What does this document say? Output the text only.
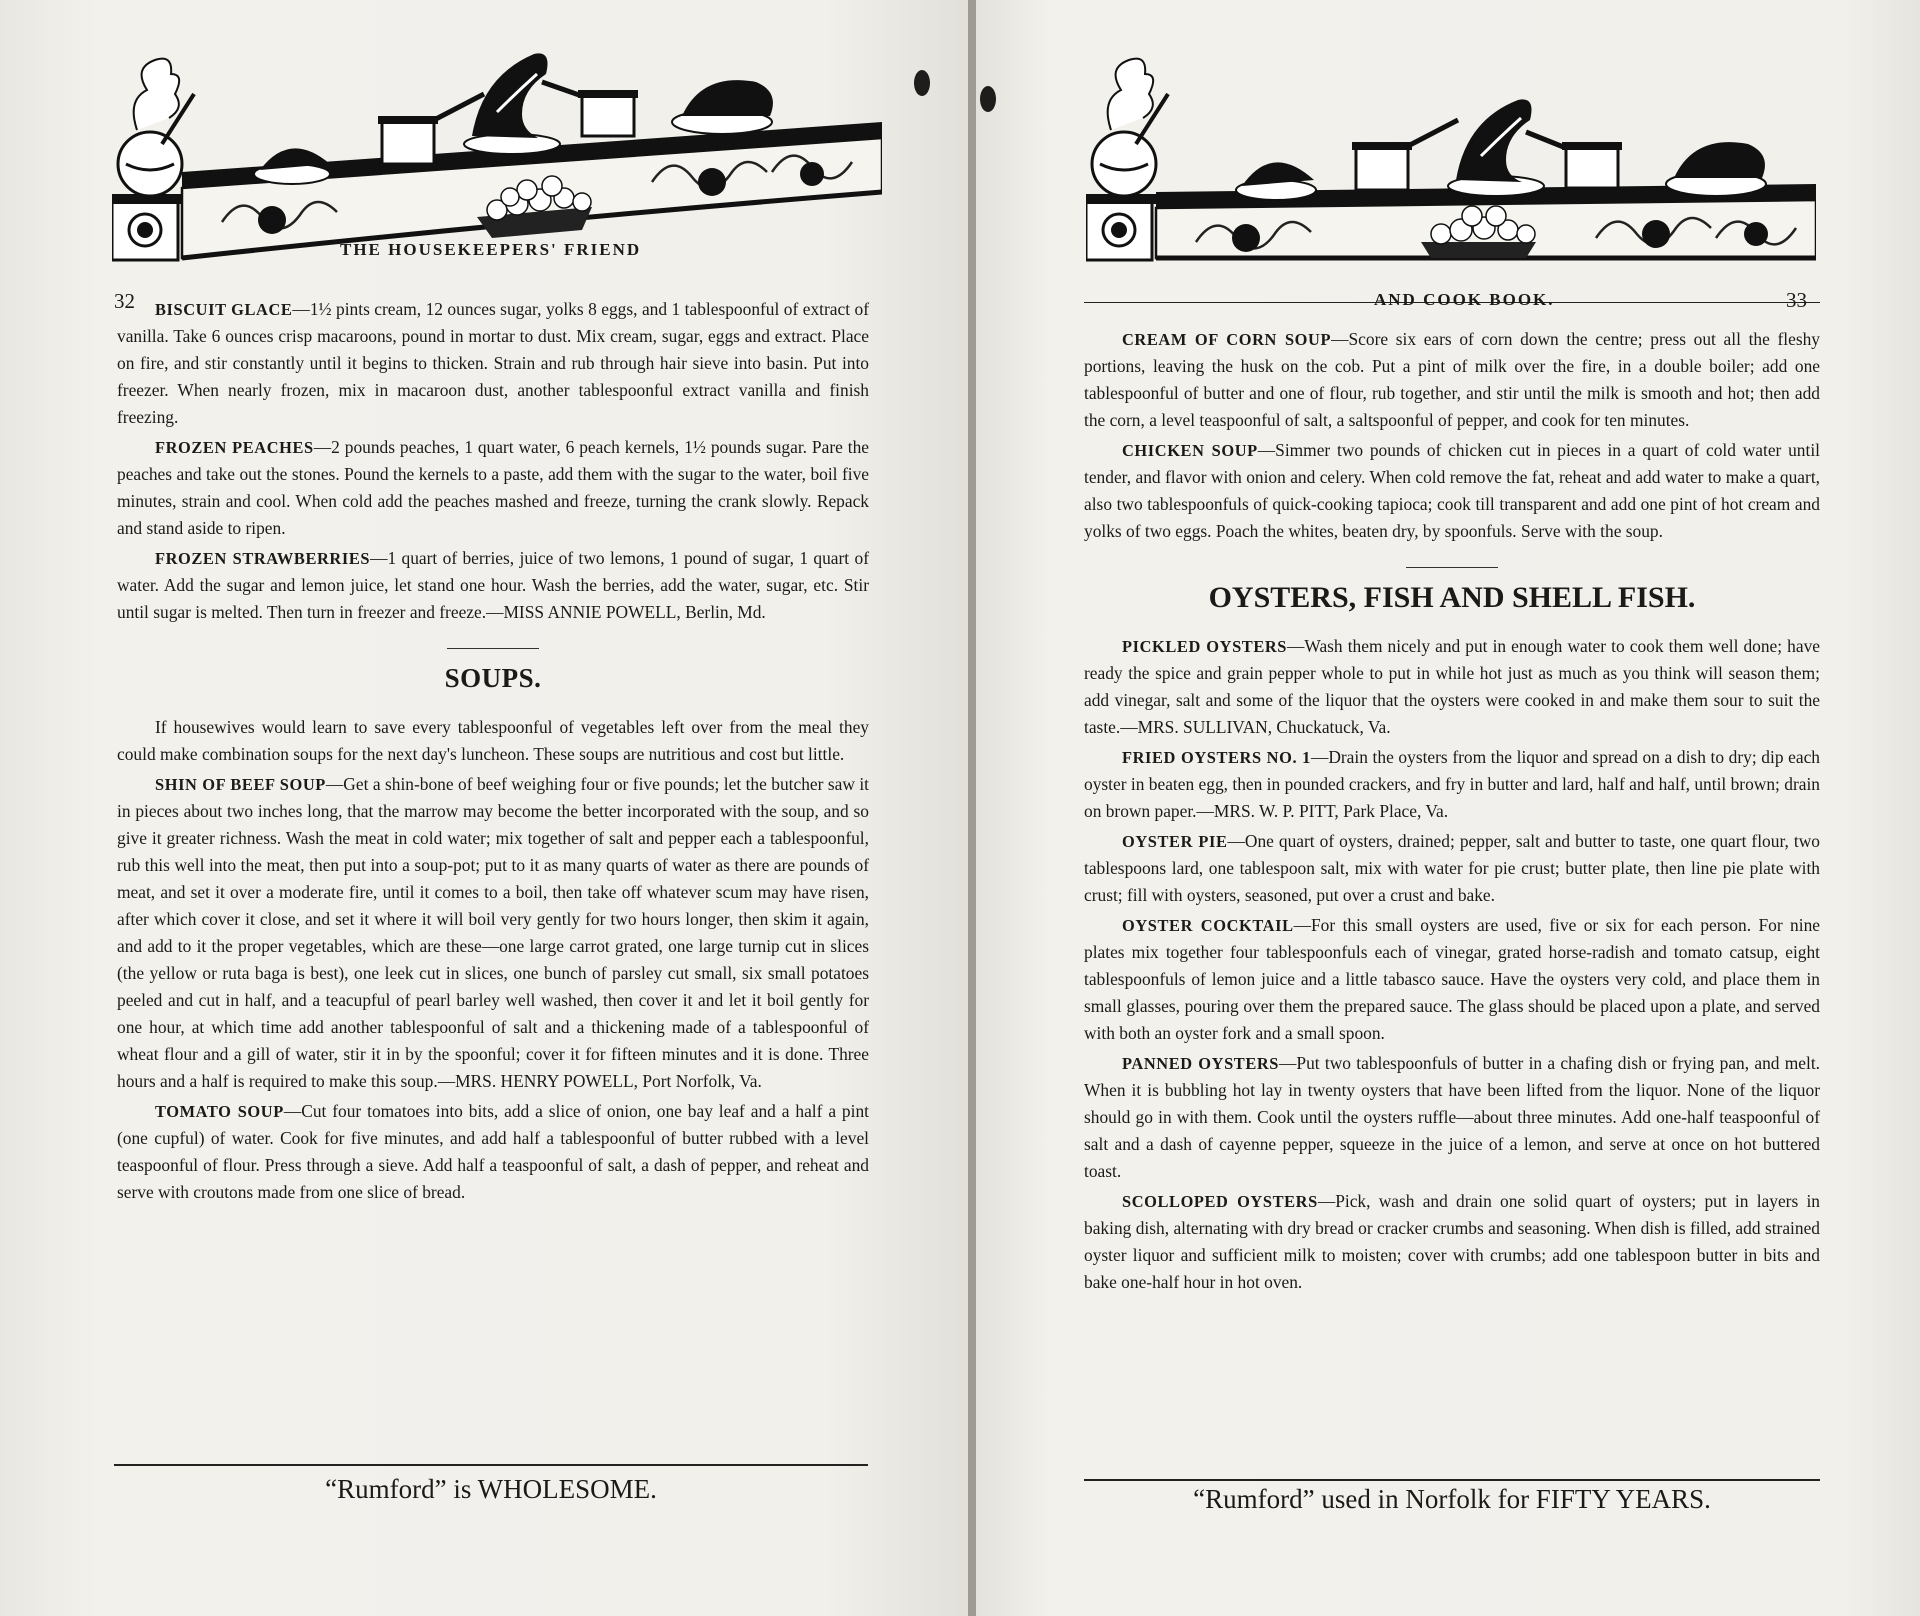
THE HOUSEKEEPERS' FRIEND
32	BISCUIT GLACE—1½ pints cream, 12 ounces sugar, yolks 8 eggs, and 1 tablespoonful of extract of vanilla. Take 6 ounces crisp macaroons, pound in mortar to dust. Mix cream, sugar, eggs and extract. Place on fire, and stir constantly until it begins to thicken. Strain and rub through hair sieve into basin. Put into freezer. When nearly frozen, mix in macaroon dust, another tablespoonful extract vanilla and finish freezing.

FROZEN PEACHES—2 pounds peaches, 1 quart water, 6 peach kernels, 1½ pounds sugar. Pare the peaches and take out the stones. Pound the kernels to a paste, add them with the sugar to the water, boil five minutes, strain and cool. When cold add the peaches mashed and freeze, turning the crank slowly. Repack and stand aside to ripen.

FROZEN STRAWBERRIES—1 quart of berries, juice of two lemons, 1 pound of sugar, 1 quart of water. Add the sugar and lemon juice, let stand one hour. Wash the berries, add the water, sugar, etc. Stir until sugar is melted. Then turn in freezer and freeze.—MISS ANNIE POWELL, Berlin, Md.

SOUPS.

If housewives would learn to save every tablespoonful of vegetables left over from the meal they could make combination soups for the next day's luncheon. These soups are nutritious and cost but little.

SHIN OF BEEF SOUP—Get a shin-bone of beef weighing four or five pounds; let the butcher saw it in pieces about two inches long, that the marrow may become the better incorporated with the soup, and so give it greater richness. Wash the meat in cold water; mix together of salt and pepper each a tablespoonful, rub this well into the meat, then put into a soup-pot; put to it as many quarts of water as there are pounds of meat, and set it over a moderate fire, until it comes to a boil, then take off whatever scum may have risen, after which cover it close, and set it where it will boil very gently for two hours longer, then skim it again, and add to it the proper vegetables, which are these—one large carrot grated, one large turnip cut in slices (the yellow or ruta baga is best), one leek cut in slices, one bunch of parsley cut small, six small potatoes peeled and cut in half, and a teacupful of pearl barley well washed, then cover it and let it boil gently for one hour, at which time add another tablespoonful of salt and a thickening made of a tablespoonful of wheat flour and a gill of water, stir it in by the spoonful; cover it for fifteen minutes and it is done. Three hours and a half is required to make this soup.—MRS. HENRY POWELL, Port Norfolk, Va.

TOMATO SOUP—Cut four tomatoes into bits, add a slice of onion, one bay leaf and a half a pint (one cupful) of water. Cook for five minutes, and add half a tablespoonful of butter rubbed with a level teaspoonful of flour. Press through a sieve. Add half a teaspoonful of salt, a dash of pepper, and reheat and serve with croutons made from one slice of bread.

“Rumford” is WHOLESOME.
AND COOK BOOK.	33

CREAM OF CORN SOUP—Score six ears of corn down the centre; press out all the fleshy portions, leaving the husk on the cob. Put a pint of milk over the fire, in a double boiler; add one tablespoonful of butter and one of flour, rub together, and stir until the milk is smooth and hot; then add the corn, a level teaspoonful of salt, a saltspoonful of pepper, and cook for ten minutes.

CHICKEN SOUP—Simmer two pounds of chicken cut in pieces in a quart of cold water until tender, and flavor with onion and celery. When cold remove the fat, reheat and add water to make a quart, also two tablespoonfuls of quick-cooking tapioca; cook till transparent and add one pint of hot cream and yolks of two eggs. Poach the whites, beaten dry, by spoonfuls. Serve with the soup.

OYSTERS, FISH AND SHELL FISH.

PICKLED OYSTERS—Wash them nicely and put in enough water to cook them well done; have ready the spice and grain pepper whole to put in while hot just as much as you think will season them; add vinegar, salt and some of the liquor that the oysters were cooked in and make them sour to suit the taste.—MRS. SULLIVAN, Chuckatuck, Va.

FRIED OYSTERS NO. 1—Drain the oysters from the liquor and spread on a dish to dry; dip each oyster in beaten egg, then in pounded crackers, and fry in butter and lard, half and half, until brown; drain on brown paper.—MRS. W. P. PITT, Park Place, Va.

OYSTER PIE—One quart of oysters, drained; pepper, salt and butter to taste, one quart flour, two tablespoons lard, one tablespoon salt, mix with water for pie crust; butter plate, then line pie plate with crust; fill with oysters, seasoned, put over a crust and bake.

OYSTER COCKTAIL—For this small oysters are used, five or six for each person. For nine plates mix together four tablespoonfuls each of vinegar, grated horse-radish and tomato catsup, eight tablespoonfuls of lemon juice and a little tabasco sauce. Have the oysters very cold, and place them in small glasses, pouring over them the prepared sauce. The glass should be placed upon a plate, and served with both an oyster fork and a small spoon.

PANNED OYSTERS—Put two tablespoonfuls of butter in a chafing dish or frying pan, and melt. When it is bubbling hot lay in twenty oysters that have been lifted from the liquor. None of the liquor should go in with them. Cook until the oysters ruffle—about three minutes. Add one-half teaspoonful of salt and a dash of cayenne pepper, squeeze in the juice of a lemon, and serve at once on hot buttered toast.

SCOLLOPED OYSTERS—Pick, wash and drain one solid quart of oysters; put in layers in baking dish, alternating with dry bread or cracker crumbs and seasoning. When dish is filled, add strained oyster liquor and sufficient milk to moisten; cover with crumbs; add one tablespoon butter in bits and bake one-half hour in hot oven.

“Rumford” used in Norfolk for FIFTY YEARS.
